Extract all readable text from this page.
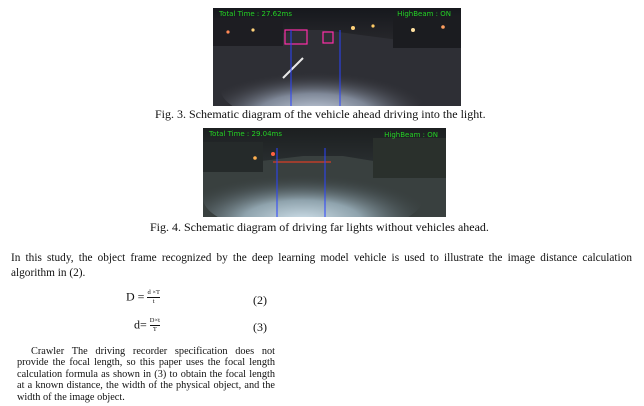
Total Time : 27.62ms	HighBeam : ON
Fig. 3. Schematic diagram of the vehicle ahead driving into the light.
Total Time : 29.04ms	HighBeam : ON
Fig. 4. Schematic diagram of driving far lights without vehicles ahead.
In this study, the object frame recognized by the deep learning model vehicle is used to illustrate the image distance calculation algorithm in (2).
$D = \frac{d \times T}{t}$	(2)
$d= \frac{D\times t}{T}$	(3)
Crawler The driving recorder specification does not provide the focal length, so this paper uses the focal length calculation formula as shown in (3) to obtain the focal length at a known distance, the width of the physical object, and the width of the image object.
